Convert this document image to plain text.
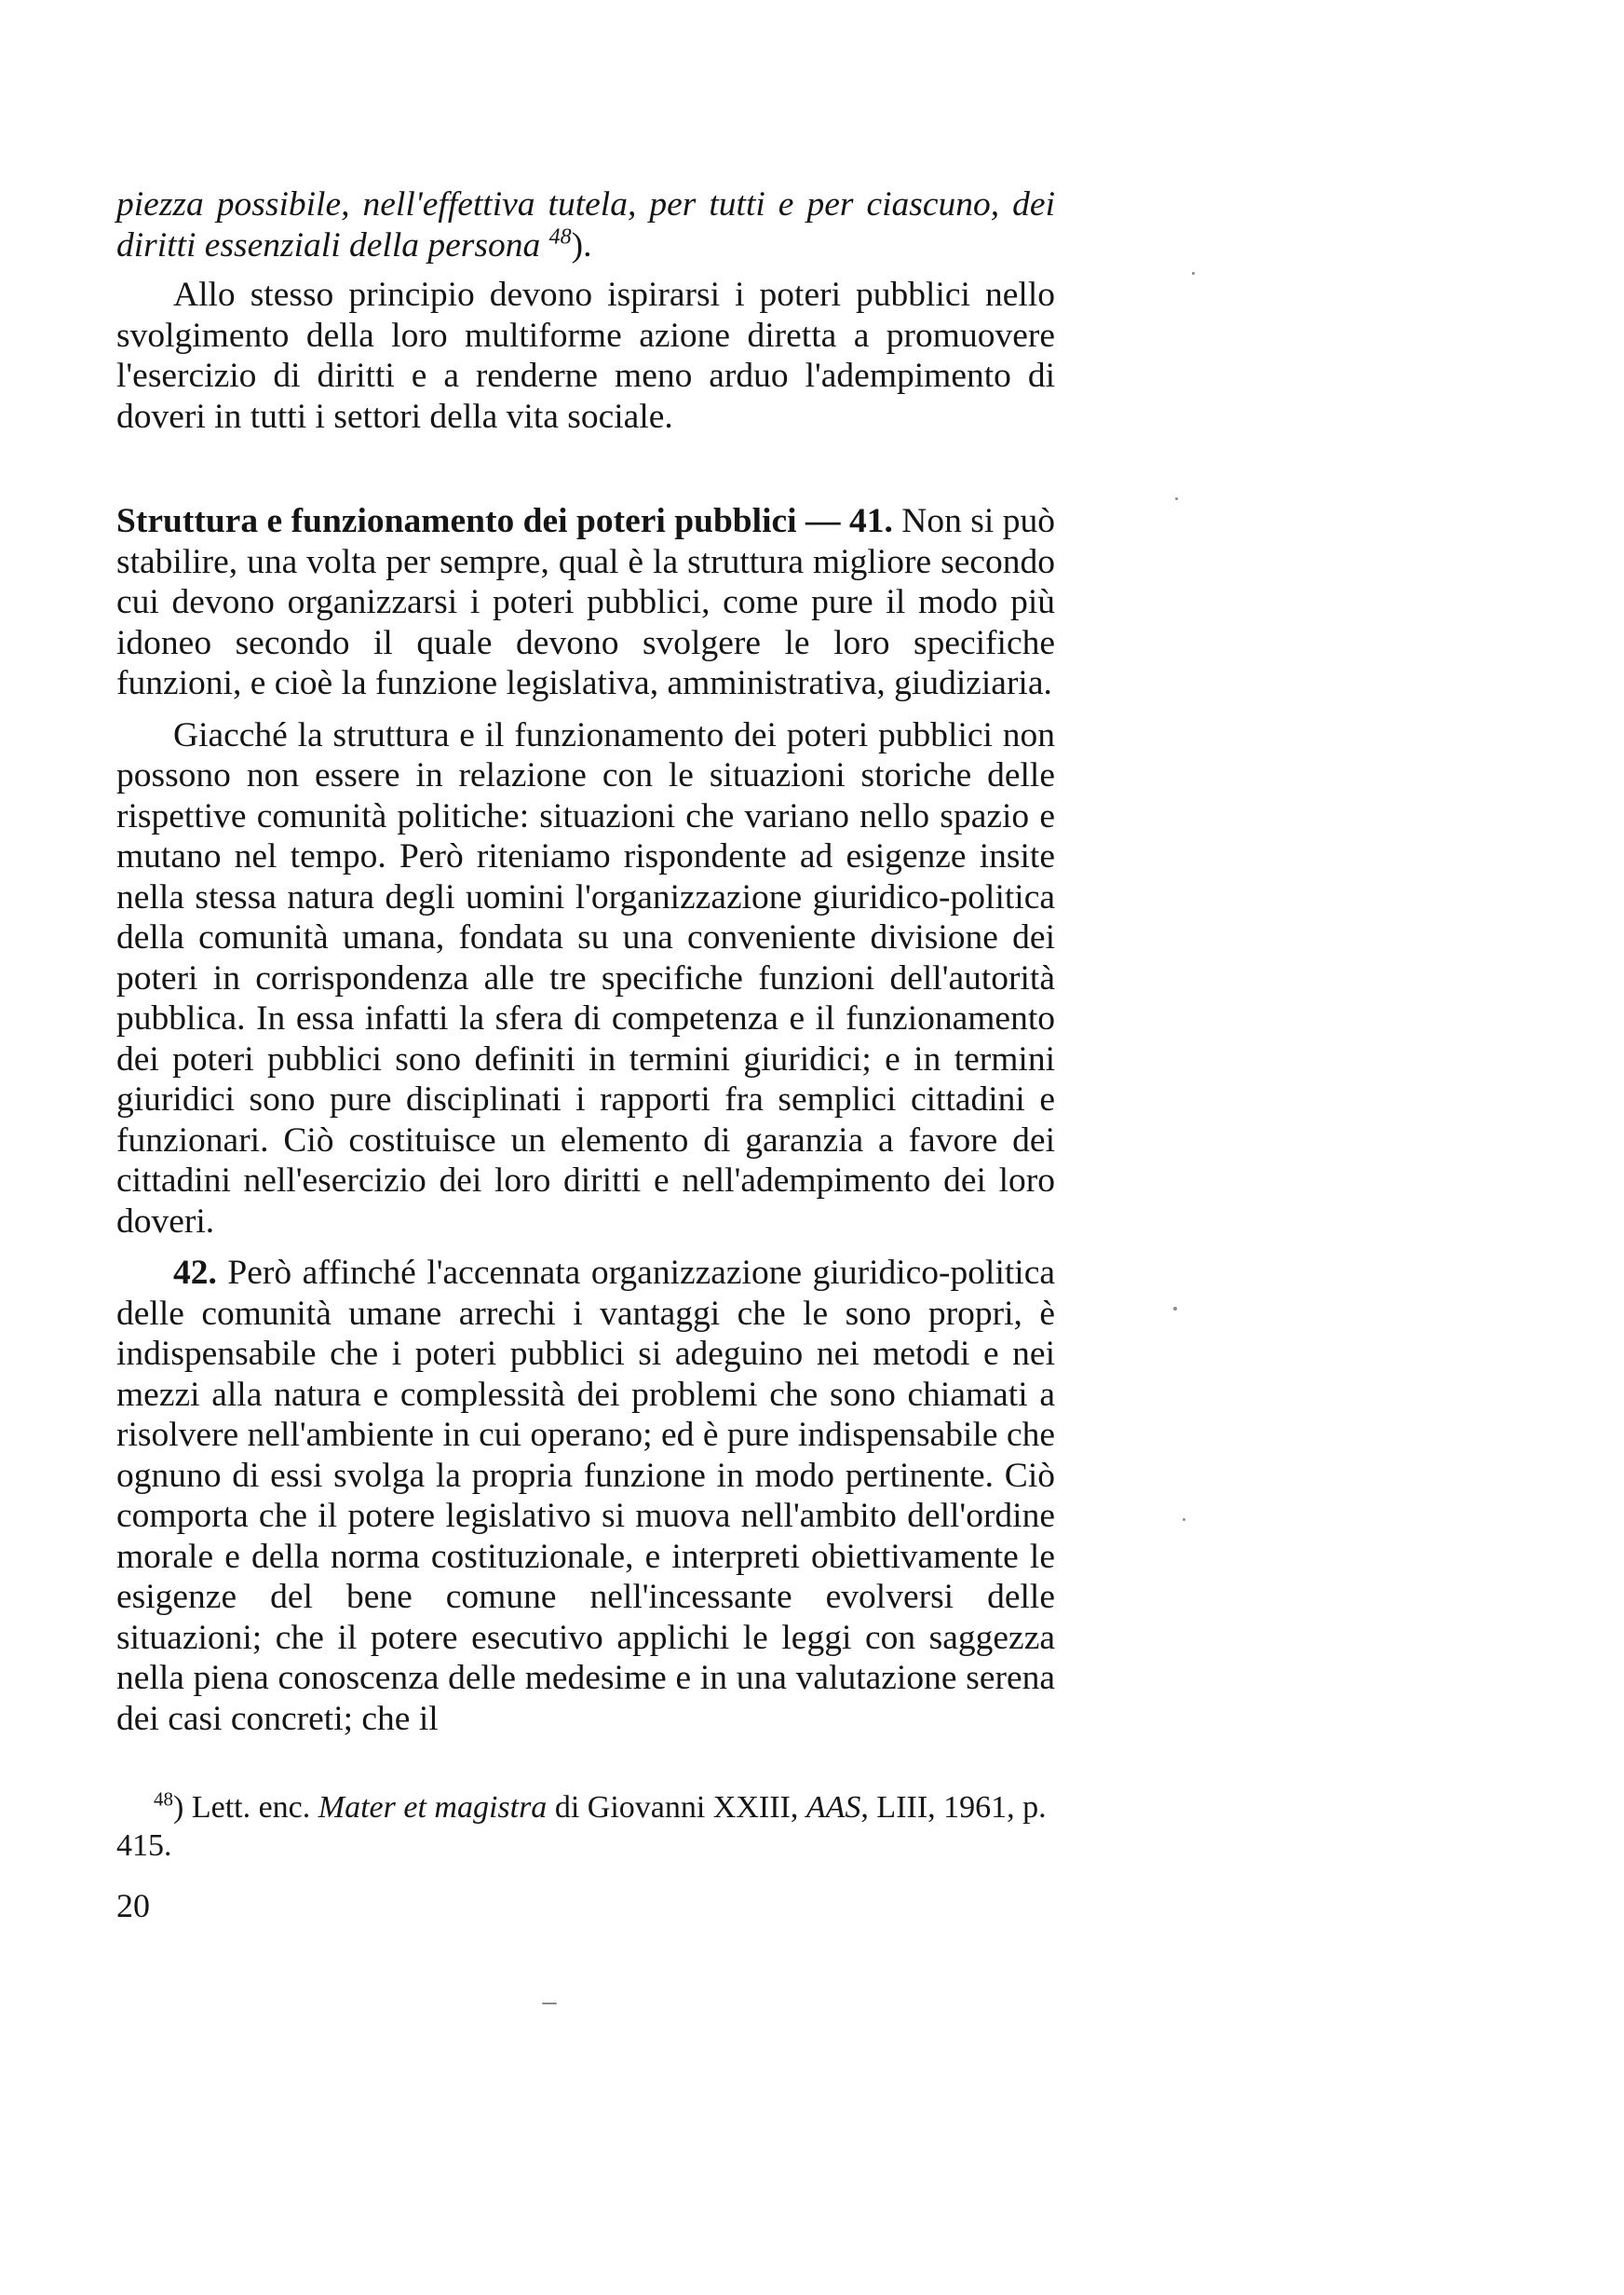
piezza possibile, nell'effettiva tutela, per tutti e per ciascuno, dei diritti essenziali della persona $^{48}$).

Allo stesso principio devono ispirarsi i poteri pubblici nello svolgimento della loro multiforme azione diretta a promuovere l'esercizio di diritti e a renderne meno arduo l'adempimento di doveri in tutti i settori della vita sociale.

Struttura e funzionamento dei poteri pubblici — 41. Non si può stabilire, una volta per sempre, qual è la struttura migliore secondo cui devono organizzarsi i poteri pubblici, come pure il modo più idoneo secondo il quale devono svolgere le loro specifiche funzioni, e cioè la funzione legislativa, amministrativa, giudiziaria.

Giacché la struttura e il funzionamento dei poteri pubblici non possono non essere in relazione con le situazioni storiche delle rispettive comunità politiche: situazioni che variano nello spazio e mutano nel tempo. Però riteniamo rispondente ad esigenze insite nella stessa natura degli uomini l'organizzazione giuridico-politica della comunità umana, fondata su una conveniente divisione dei poteri in corrispondenza alle tre specifiche funzioni dell'autorità pubblica. In essa infatti la sfera di competenza e il funzionamento dei poteri pubblici sono definiti in termini giuridici; e in termini giuridici sono pure disciplinati i rapporti fra semplici cittadini e funzionari. Ciò costituisce un elemento di garanzia a favore dei cittadini nell'esercizio dei loro diritti e nell'adempimento dei loro doveri.

42. Però affinché l'accennata organizzazione giuridico-politica delle comunità umane arrechi i vantaggi che le sono propri, è indispensabile che i poteri pubblici si adeguino nei metodi e nei mezzi alla natura e complessità dei problemi che sono chiamati a risolvere nell'ambiente in cui operano; ed è pure indispensabile che ognuno di essi svolga la propria funzione in modo pertinente. Ciò comporta che il potere legislativo si muova nell'ambito dell'ordine morale e della norma costituzionale, e interpreti obiettivamente le esigenze del bene comune nell'incessante evolversi delle situazioni; che il potere esecutivo applichi le leggi con saggezza nella piena conoscenza delle medesime e in una valutazione serena dei casi concreti; che il

$^{48}$) Lett. enc. Mater et magistra di Giovanni XXIII, AAS, LIII, 1961, p. 415.

20
